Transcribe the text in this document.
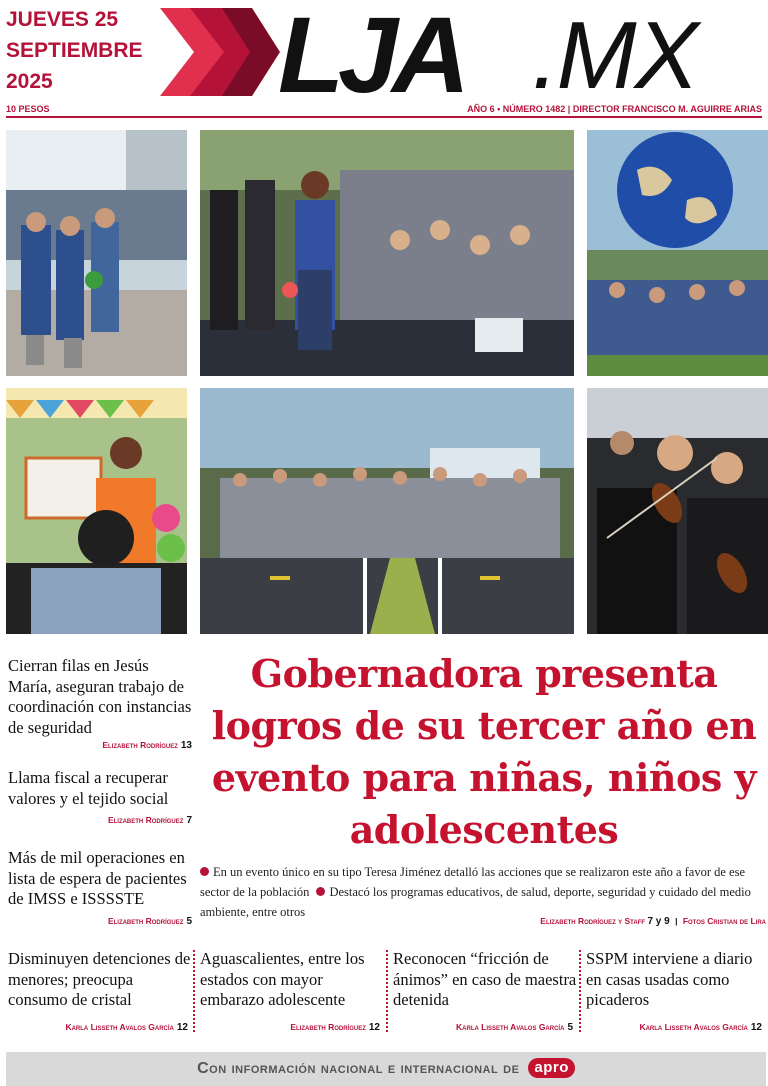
JUEVES 25
SEPTIEMBRE
2025	LJA .MX
10 PESOS	AÑO 6 • NÚMERO 1482 | DIRECTOR FRANCISCO M. AGUIRRE ARIAS
Cierran filas en Jesús María, aseguran trabajo de coordinación con instancias de seguridad
Elizabeth Rodríguez 13
Llama fiscal a recuperar valores y el tejido social
Elizabeth Rodríguez 7
Más de mil operaciones en lista de espera de pacientes de IMSS e ISSSSTE
Elizabeth Rodríguez 5
Gobernadora presenta logros de su tercer año en evento para niñas, niños y adolescentes
En un evento único en su tipo Teresa Jiménez detalló las acciones que se realizaron este año a favor de ese sector de la población Destacó los programas educativos, de salud, deporte, seguridad y cuidado del medio ambiente, entre otros
Elizabeth Rodríguez y Staff 7 y 9 | Fotos Cristian de Lira
Disminuyen detenciones de menores; preocupa consumo de cristal
Karla Lisseth Avalos García 12
Aguascalientes, entre los estados con mayor embarazo adolescente
Elizabeth Rodríguez 12
Reconocen “fricción de ánimos” en caso de maestra detenida
Karla Lisseth Avalos García 5
SSPM interviene a diario en casas usadas como picaderos
Karla Lisseth Avalos García 12
Con información nacional e internacional de apro
